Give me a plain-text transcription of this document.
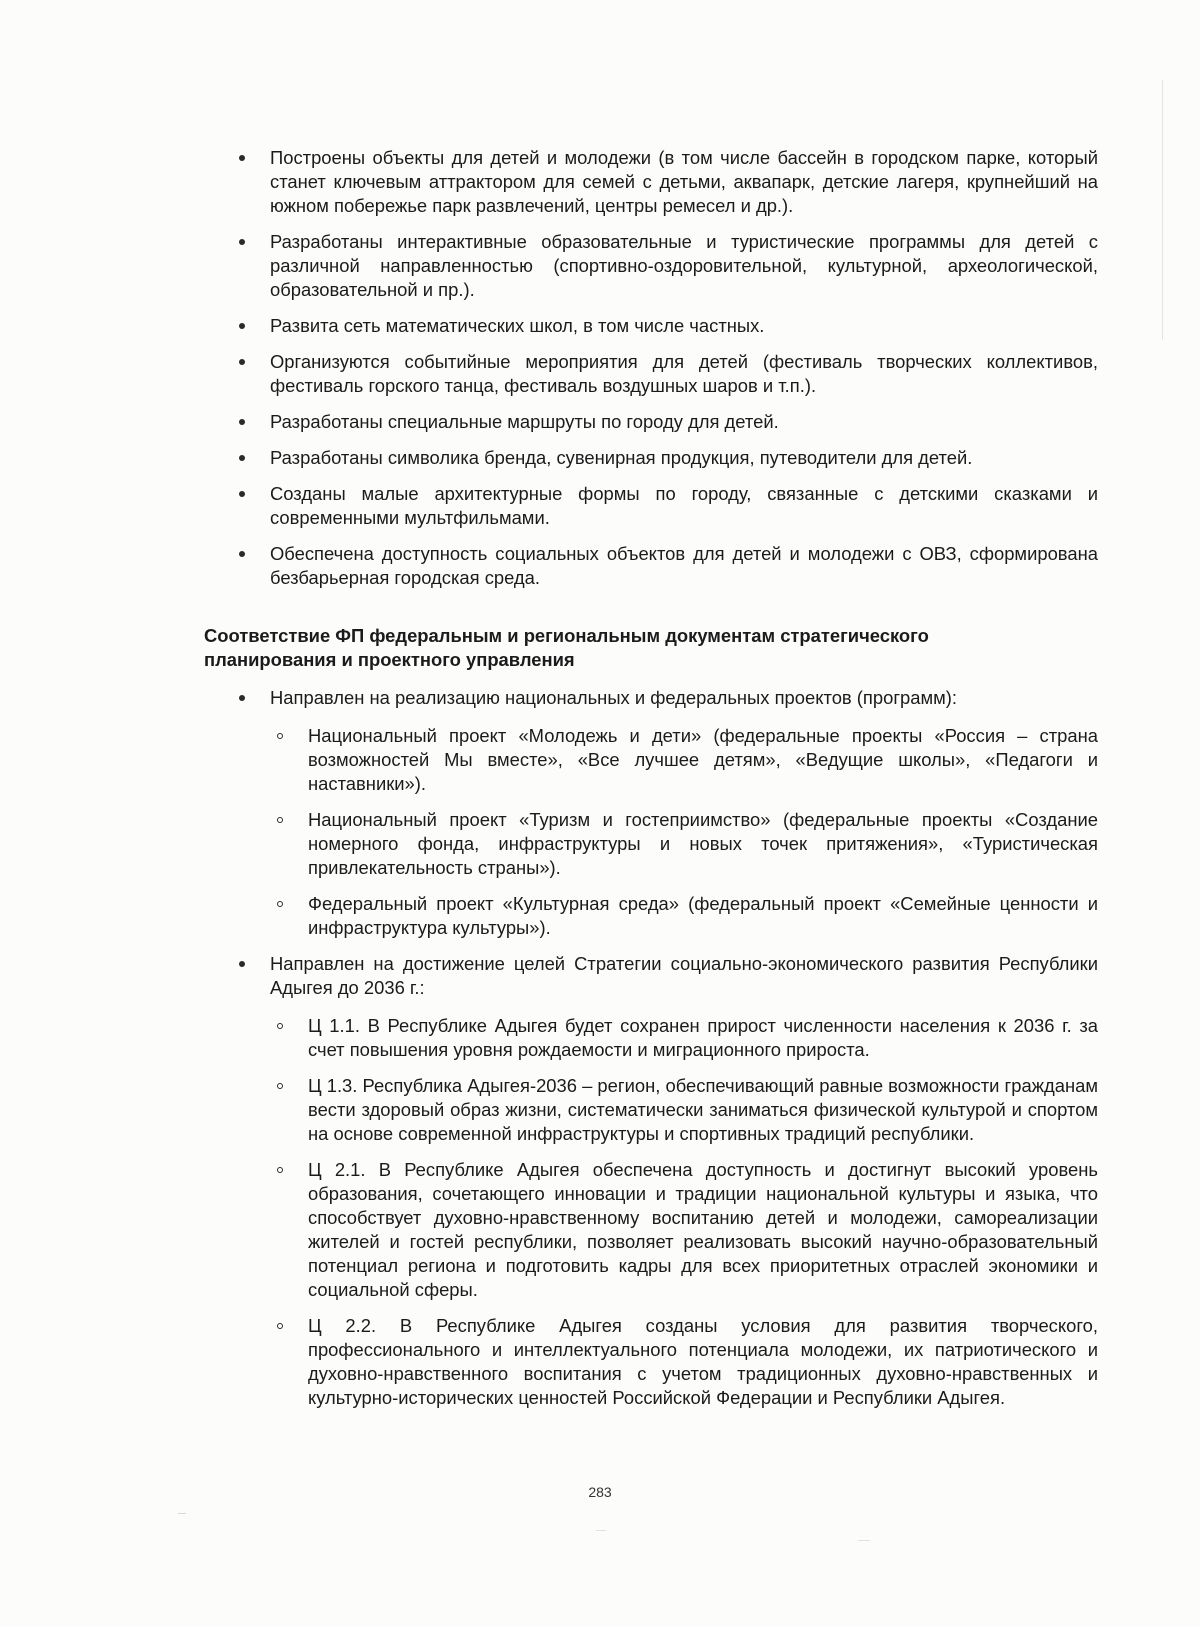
Построены объекты для детей и молодежи (в том числе бассейн в городском парке, который станет ключевым аттрактором для семей с детьми, аквапарк, детские лагеря, крупнейший на южном побережье парк развлечений, центры ремесел и др.).
Разработаны интерактивные образовательные и туристические программы для детей с различной направленностью (спортивно-оздоровительной, культурной, археологической, образовательной и пр.).
Развита сеть математических школ, в том числе частных.
Организуются событийные мероприятия для детей (фестиваль творческих коллективов, фестиваль горского танца, фестиваль воздушных шаров и т.п.).
Разработаны специальные маршруты по городу для детей.
Разработаны символика бренда, сувенирная продукция, путеводители для детей.
Созданы малые архитектурные формы по городу, связанные с детскими сказками и современными мультфильмами.
Обеспечена доступность социальных объектов для детей и молодежи с ОВЗ, сформирована безбарьерная городская среда.
Соответствие ФП федеральным и региональным документам стратегического планирования и проектного управления
Направлен на реализацию национальных и федеральных проектов (программ):
Национальный проект «Молодежь и дети» (федеральные проекты «Россия – страна возможностей Мы вместе», «Все лучшее детям», «Ведущие школы», «Педагоги и наставники»).
Национальный проект «Туризм и гостеприимство» (федеральные проекты «Создание номерного фонда, инфраструктуры и новых точек притяжения», «Туристическая привлекательность страны»).
Федеральный проект «Культурная среда» (федеральный проект «Семейные ценности и инфраструктура культуры»).
Направлен на достижение целей Стратегии социально-экономического развития Республики Адыгея до 2036 г.:
Ц 1.1. В Республике Адыгея будет сохранен прирост численности населения к 2036 г. за счет повышения уровня рождаемости и миграционного прироста.
Ц 1.3. Республика Адыгея-2036 – регион, обеспечивающий равные возможности гражданам вести здоровый образ жизни, систематически заниматься физической культурой и спортом на основе современной инфраструктуры и спортивных традиций республики.
Ц 2.1. В Республике Адыгея обеспечена доступность и достигнут высокий уровень образования, сочетающего инновации и традиции национальной культуры и языка, что способствует духовно-нравственному воспитанию детей и молодежи, самореализации жителей и гостей республики, позволяет реализовать высокий научно-образовательный потенциал региона и подготовить кадры для всех приоритетных отраслей экономики и социальной сферы.
Ц 2.2. В Республике Адыгея созданы условия для развития творческого, профессионального и интеллектуального потенциала молодежи, их патриотического и духовно-нравственного воспитания с учетом традиционных духовно-нравственных и культурно-исторических ценностей Российской Федерации и Республики Адыгея.
283
